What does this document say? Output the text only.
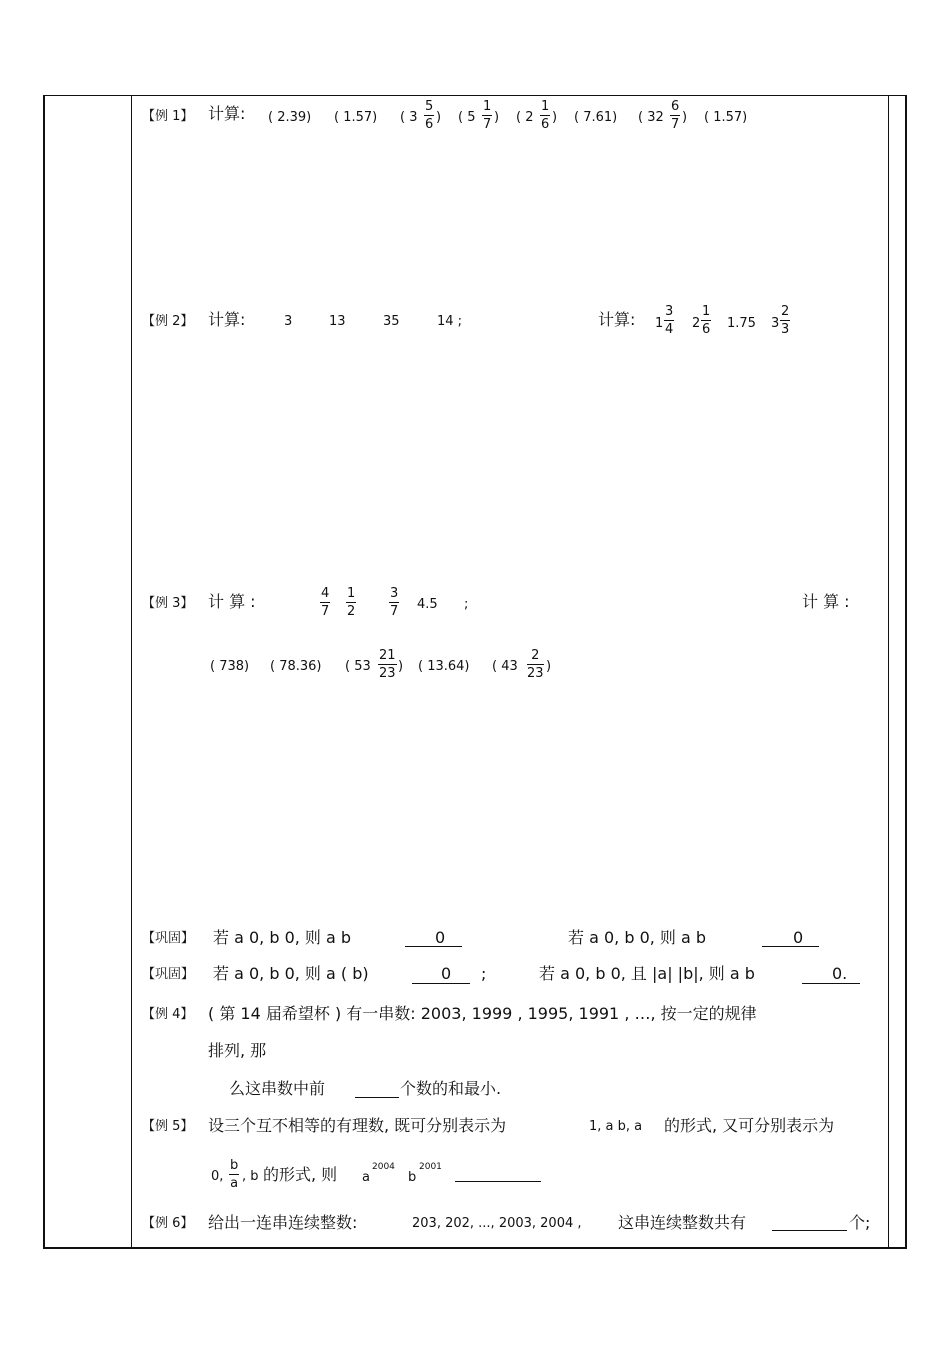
【例 1】 计算: ( 2.39) ( 1.57) ( $3 \frac{5}{6}$ ) ( $5 \frac{1}{7}$ ) ( $2 \frac{1}{6}$ ) ( 7.61) ( $32 \frac{6}{7}$ ) ( 1.57)
【例 2】 计算:	3	13	35	14 ;	计算: $1 \frac{3}{4} 2 \frac{1}{6} 1.75$ $3 \frac{2}{3}$
【例 3】 计 算 :	$\frac{4}{7} \frac{1}{2}$	$\frac{3}{7} 4.5$ ;	计 算 :
( 738) ( 78.36) ( $53 \frac{21}{23}$ ) ( 13.64) ( $43 \frac{2}{23}$ )
【巩固】 若 a 0, b 0, 则 a b	0	若 a 0, b 0, 则 a b	0
【巩固】 若 a 0, b 0, 则 a ( b)	0 ;	若 a 0, b 0, 且 |a| |b|, 则 a b	0.
【例 4】 ( 第 14 届希望杯 ) 有一串数: 2003, 1999 , 1995, 1991 , …, 按一定的规律
排列, 那
么这串数中前	个数的和最小.
【例 5】 设三个互不相等的有理数, 既可分别表示为	1, a b, a 的形式, 又可分别表示为
0, $\frac{b}{a}$ , b 的形式, 则 a
2004
b
2001
【例 6】 给出一连串连续整数:	203, 202, ..., 2003, 2004 , 这串连续整数共有	个;
